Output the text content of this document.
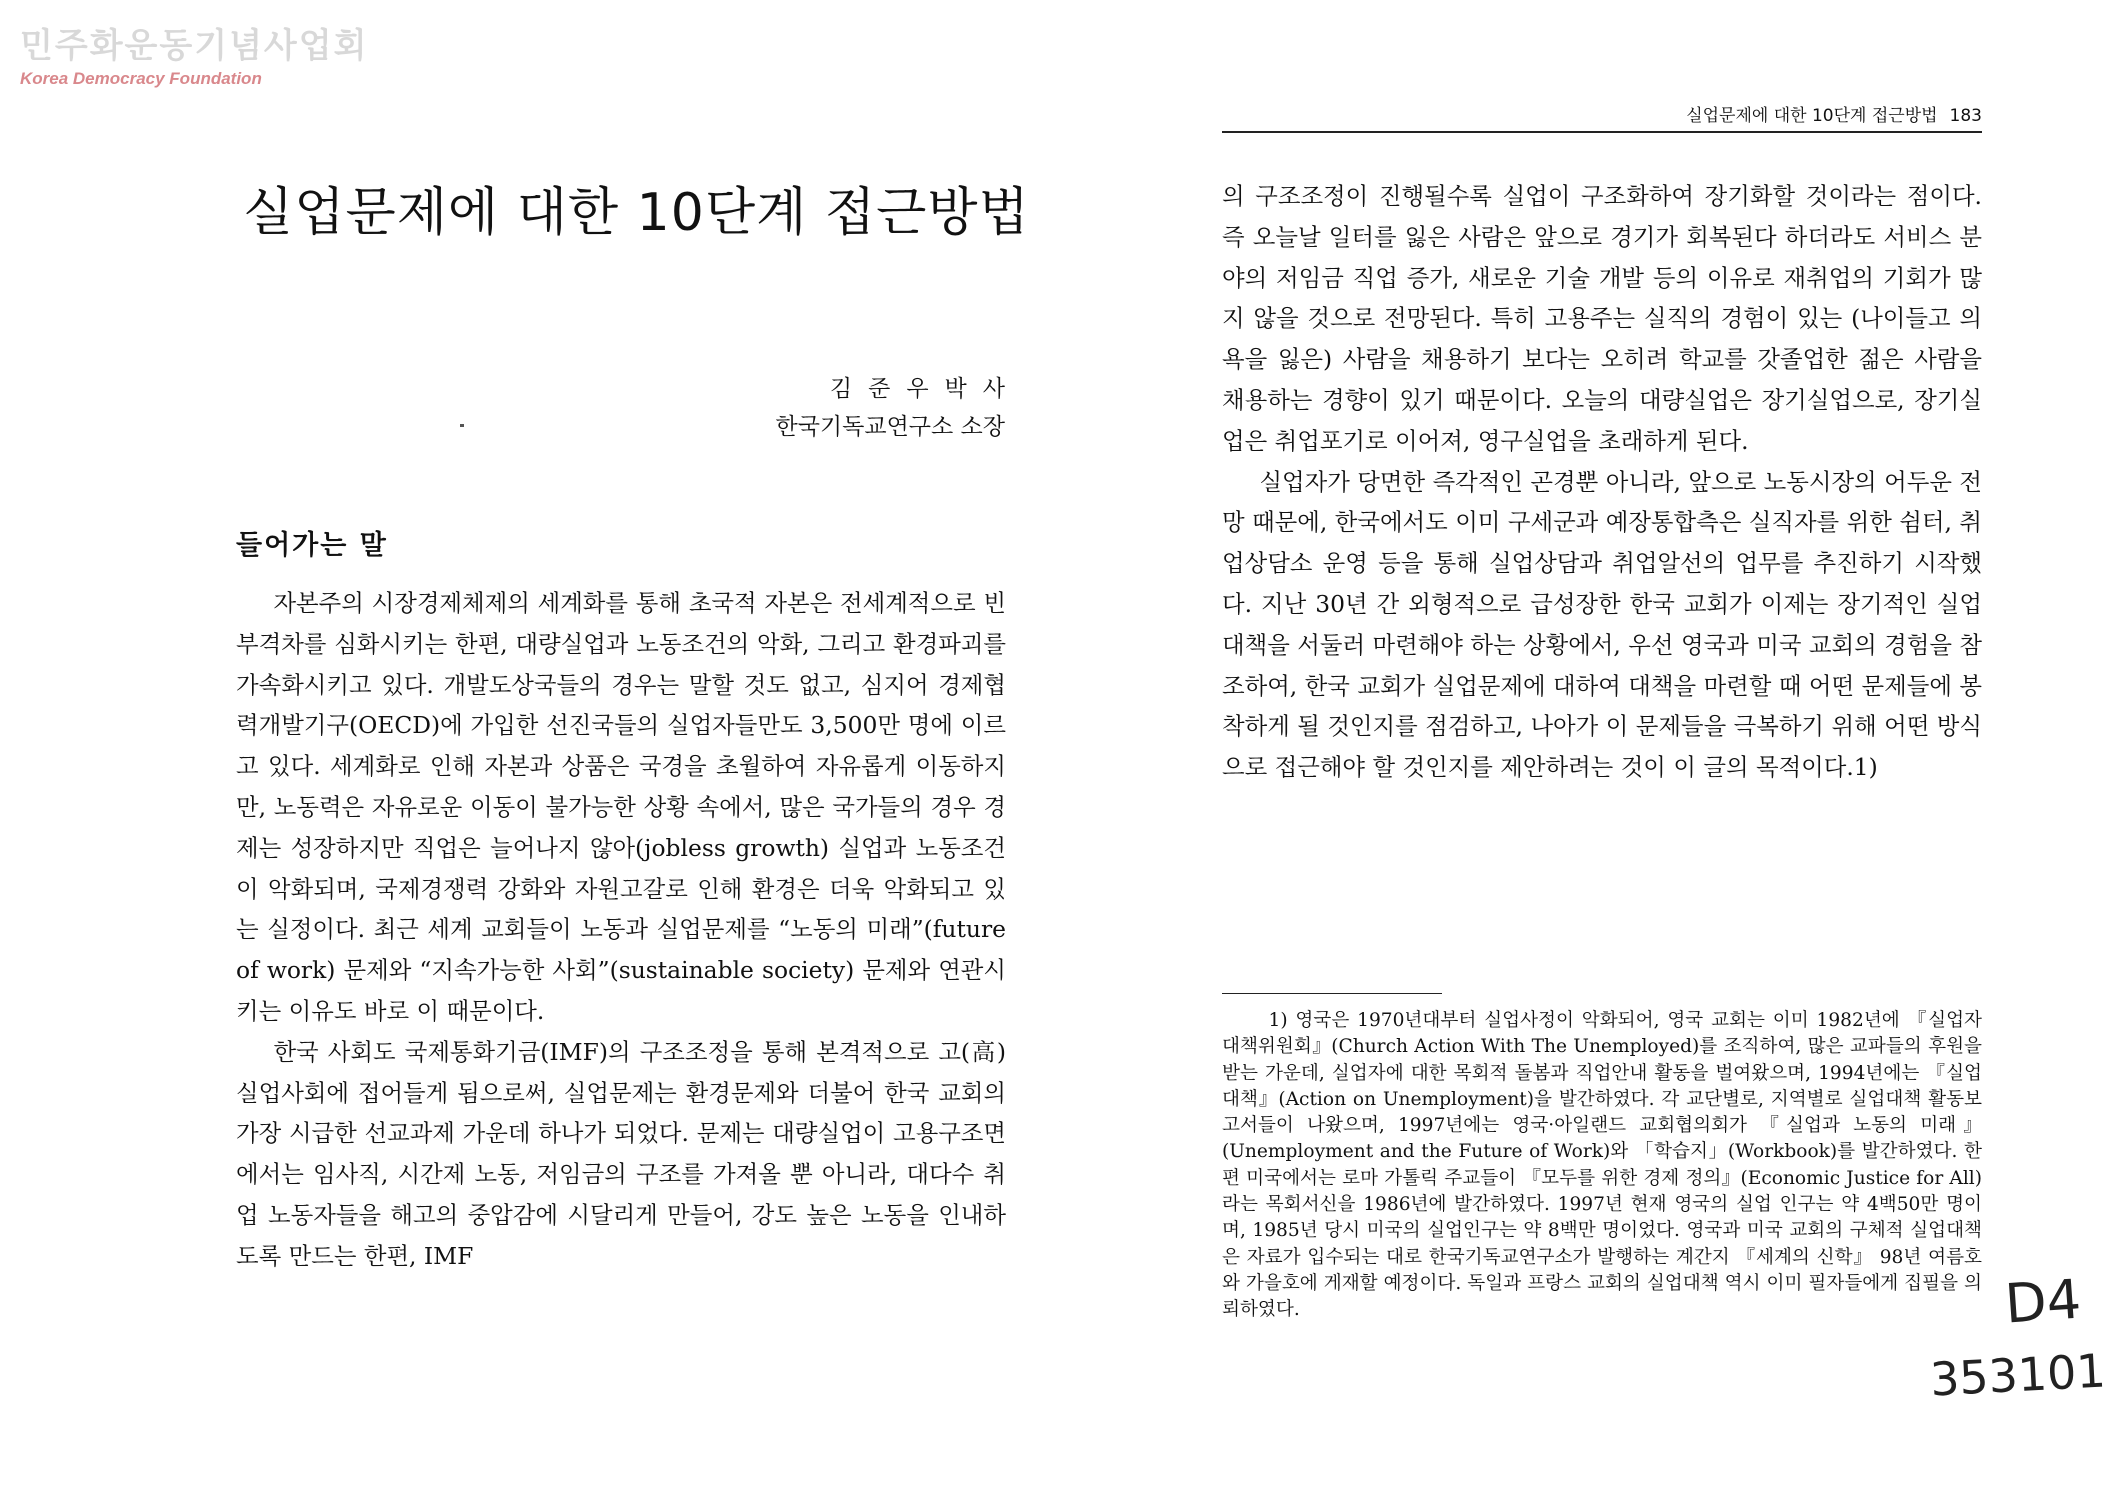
민주화운동기념사업회
Korea Democracy Foundation
실업문제에 대한 10단계 접근방법
김준우박사
한국기독교연구소 소장
들어가는 말

자본주의 시장경제체제의 세계화를 통해 초국적 자본은 전세계적으로 빈부격차를 심화시키는 한편, 대량실업과 노동조건의 악화, 그리고 환경파괴를 가속화시키고 있다. 개발도상국들의 경우는 말할 것도 없고, 심지어 경제협력개발기구(OECD)에 가입한 선진국들의 실업자들만도 3,500만 명에 이르고 있다. 세계화로 인해 자본과 상품은 국경을 초월하여 자유롭게 이동하지만, 노동력은 자유로운 이동이 불가능한 상황 속에서, 많은 국가들의 경우 경제는 성장하지만 직업은 늘어나지 않아(jobless growth) 실업과 노동조건이 악화되며, 국제경쟁력 강화와 자원고갈로 인해 환경은 더욱 악화되고 있는 실정이다. 최근 세계 교회들이 노동과 실업문제를 “노동의 미래”(future of work) 문제와 “지속가능한 사회”(sustainable society) 문제와 연관시키는 이유도 바로 이 때문이다.

한국 사회도 국제통화기금(IMF)의 구조조정을 통해 본격적으로 고(高)실업사회에 접어들게 됨으로써, 실업문제는 환경문제와 더불어 한국 교회의 가장 시급한 선교과제 가운데 하나가 되었다. 문제는 대량실업이 고용구조면에서는 임사직, 시간제 노동, 저임금의 구조를 가져올 뿐 아니라, 대다수 취업 노동자들을 해고의 중압감에 시달리게 만들어, 강도 높은 노동을 인내하도록 만드는 한편, IMF

실업문제에 대한 10단계 접근방법 183

의 구조조정이 진행될수록 실업이 구조화하여 장기화할 것이라는 점이다. 즉 오늘날 일터를 잃은 사람은 앞으로 경기가 회복된다 하더라도 서비스 분야의 저임금 직업 증가, 새로운 기술 개발 등의 이유로 재취업의 기회가 많지 않을 것으로 전망된다. 특히 고용주는 실직의 경험이 있는 (나이들고 의욕을 잃은) 사람을 채용하기 보다는 오히려 학교를 갓졸업한 젊은 사람을 채용하는 경향이 있기 때문이다. 오늘의 대량실업은 장기실업으로, 장기실업은 취업포기로 이어져, 영구실업을 초래하게 된다.

실업자가 당면한 즉각적인 곤경뿐 아니라, 앞으로 노동시장의 어두운 전망 때문에, 한국에서도 이미 구세군과 예장통합측은 실직자를 위한 쉼터, 취업상담소 운영 등을 통해 실업상담과 취업알선의 업무를 추진하기 시작했다. 지난 30년 간 외형적으로 급성장한 한국 교회가 이제는 장기적인 실업대책을 서둘러 마련해야 하는 상황에서, 우선 영국과 미국 교회의 경험을 참조하여, 한국 교회가 실업문제에 대하여 대책을 마련할 때 어떤 문제들에 봉착하게 될 것인지를 점검하고, 나아가 이 문제들을 극복하기 위해 어떤 방식으로 접근해야 할 것인지를 제안하려는 것이 이 글의 목적이다.1)

1) 영국은 1970년대부터 실업사정이 악화되어, 영국 교회는 이미 1982년에 『실업자 대책위원회』(Church Action With The Unemployed)를 조직하여, 많은 교파들의 후원을 받는 가운데, 실업자에 대한 목회적 돌봄과 직업안내 활동을 벌여왔으며, 1994년에는 『실업대책』(Action on Unemployment)을 발간하였다. 각 교단별로, 지역별로 실업대책 활동보고서들이 나왔으며, 1997년에는 영국·아일랜드 교회협의회가 『실업과 노동의 미래』(Unemployment and the Future of Work)와 「학습지」(Workbook)를 발간하였다. 한편 미국에서는 로마 가톨릭 주교들이 『모두를 위한 경제 정의』(Economic Justice for All)라는 목회서신을 1986년에 발간하였다. 1997년 현재 영국의 실업 인구는 약 4백50만 명이며, 1985년 당시 미국의 실업인구는 약 8백만 명이었다. 영국과 미국 교회의 구체적 실업대책은 자료가 입수되는 대로 한국기독교연구소가 발행하는 계간지 『세계의 신학』 98년 여름호와 가을호에 게재할 예정이다. 독일과 프랑스 교회의 실업대책 역시 이미 필자들에게 집필을 의뢰하였다.	D4
353101
